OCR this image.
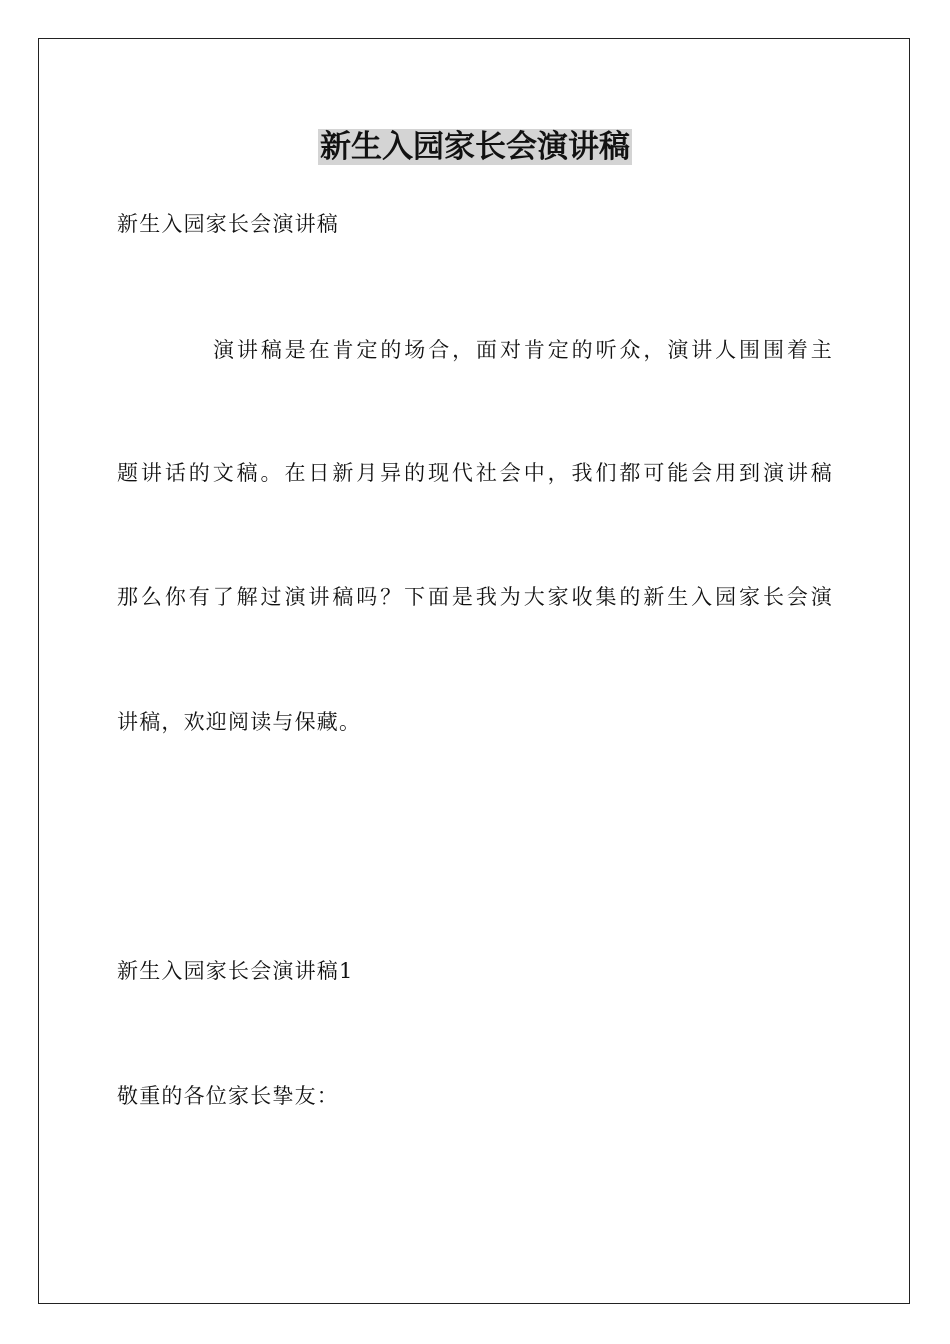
新生入园家长会演讲稿

新生入园家长会演讲稿

演讲稿是在肯定的场合，面对肯定的听众，演讲人围围着主

题讲话的文稿。在日新月异的现代社会中，我们都可能会用到演讲稿

那么你有了解过演讲稿吗？下面是我为大家收集的新生入园家长会演

讲稿，欢迎阅读与保藏。

新生入园家长会演讲稿1

敬重的各位家长挚友：
